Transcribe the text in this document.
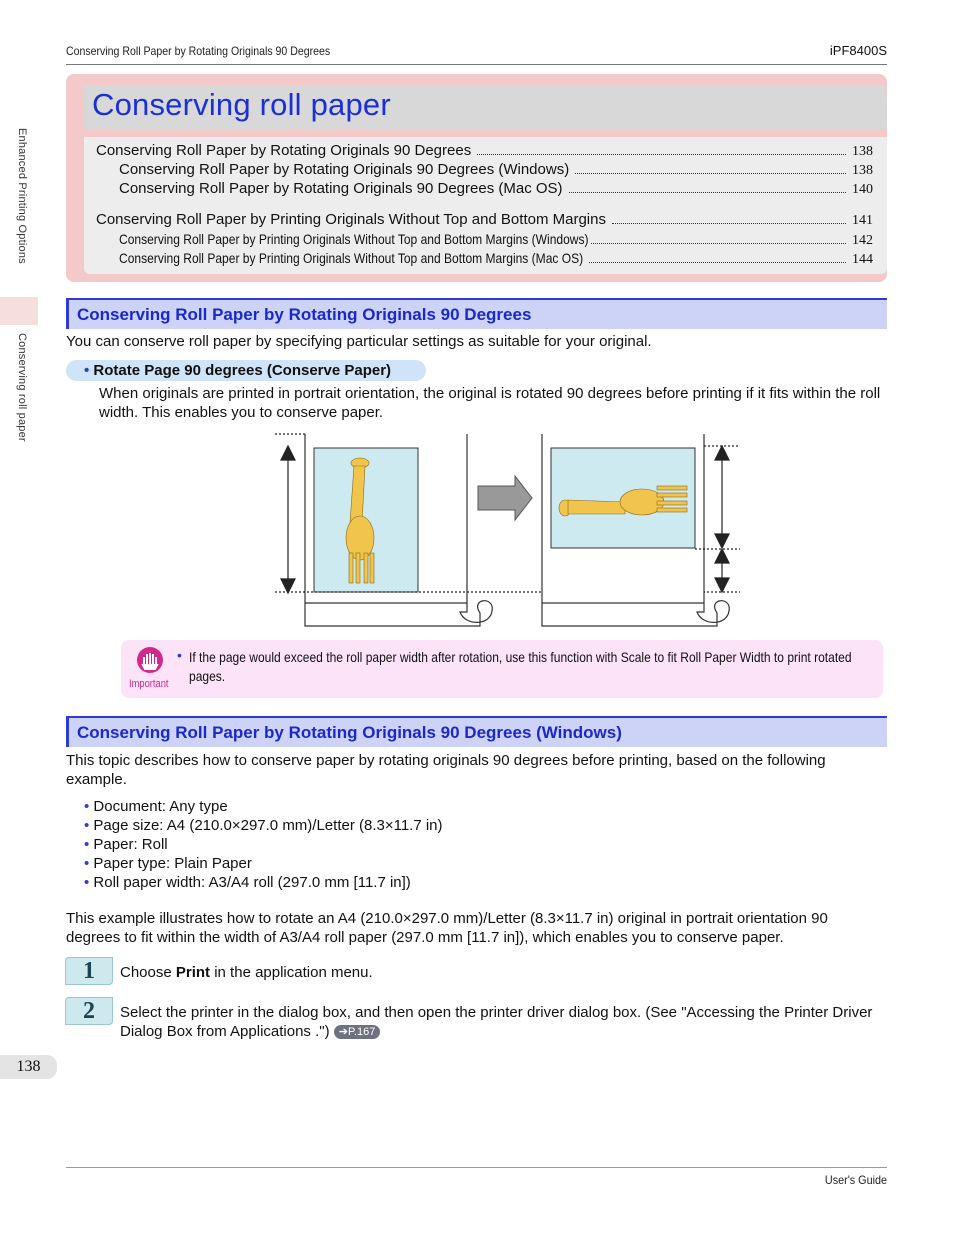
Conserving Roll Paper by Rotating Originals 90 Degrees	iPF8400S
Enhanced Printing Options
Conserving roll paper
Conserving roll paper
Conserving Roll Paper by Rotating Originals 90 Degrees	138
Conserving Roll Paper by Rotating Originals 90 Degrees (Windows)	138
Conserving Roll Paper by Rotating Originals 90 Degrees (Mac OS)	140
Conserving Roll Paper by Printing Originals Without Top and Bottom Margins	141
Conserving Roll Paper by Printing Originals Without Top and Bottom Margins (Windows)	142
Conserving Roll Paper by Printing Originals Without Top and Bottom Margins (Mac OS)	144
Conserving Roll Paper by Rotating Originals 90 Degrees
You can conserve roll paper by specifying particular settings as suitable for your original.
• Rotate Page 90 degrees (Conserve Paper)
When originals are printed in portrait orientation, the original is rotated 90 degrees before printing if it fits within the roll width. This enables you to conserve paper.
Important
• If the page would exceed the roll paper width after rotation, use this function with Scale to fit Roll Paper Width to print rotated pages.
Conserving Roll Paper by Rotating Originals 90 Degrees (Windows)
This topic describes how to conserve paper by rotating originals 90 degrees before printing, based on the following example.
• Document: Any type
• Page size: A4 (210.0×297.0 mm)/Letter (8.3×11.7 in)
• Paper: Roll
• Paper type: Plain Paper
• Roll paper width: A3/A4 roll (297.0 mm [11.7 in])
This example illustrates how to rotate an A4 (210.0×297.0 mm)/Letter (8.3×11.7 in) original in portrait orientation 90 degrees to fit within the width of A3/A4 roll paper (297.0 mm [11.7 in]), which enables you to conserve paper.
1	Choose Print in the application menu.
2	Select the printer in the dialog box, and then open the printer driver dialog box. (See "Accessing the Printer Driver Dialog Box from Applications .") ➔P.167
138
User's Guide
